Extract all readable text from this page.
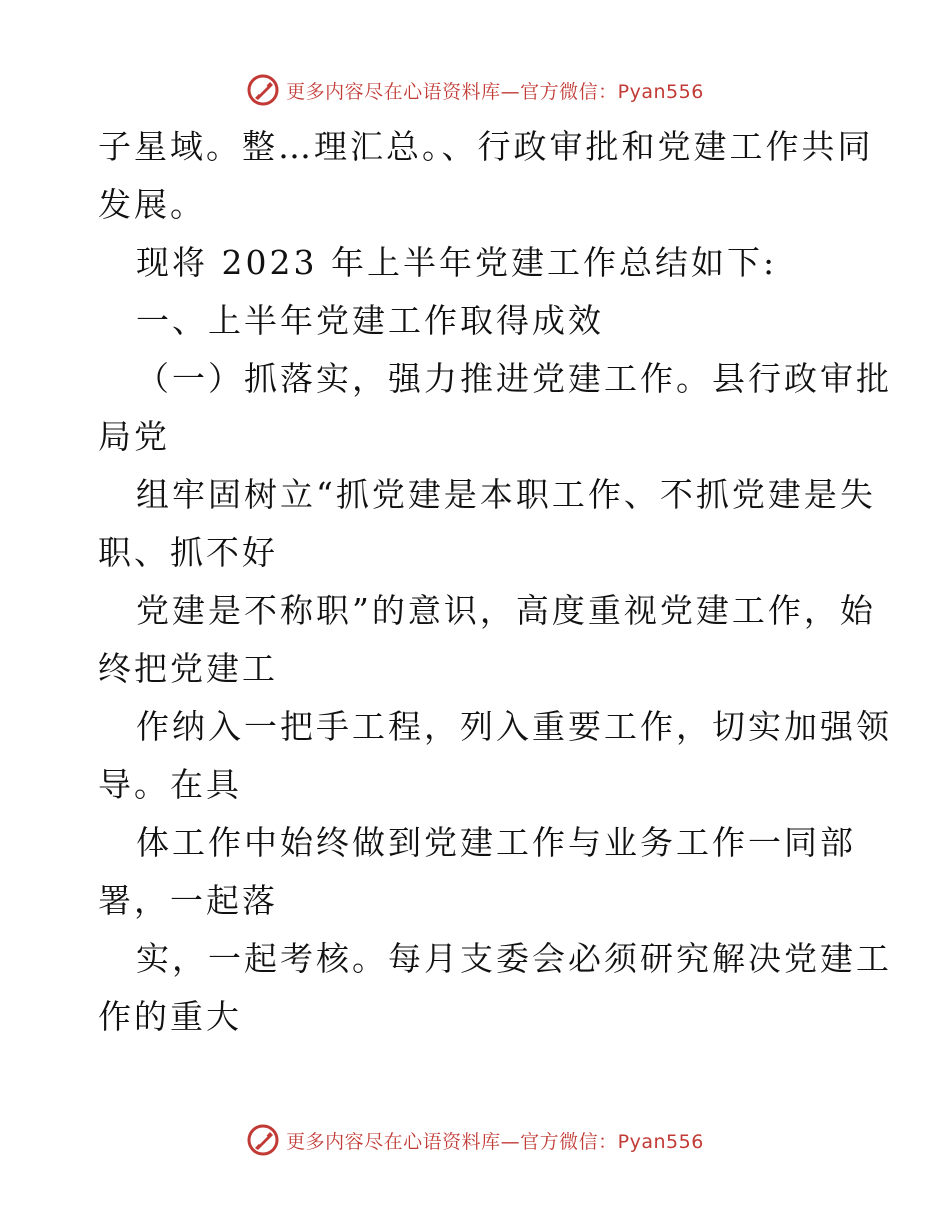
更多内容尽在心语资料库—官方微信：Pyan556
子星域。整…理汇总。、行政审批和党建工作共同
发展。
现将 2023 年上半年党建工作总结如下:
一、上半年党建工作取得成效
（一）抓落实，强力推进党建工作。县行政审批
局党
组牢固树立“抓党建是本职工作、不抓党建是失
职、抓不好
党建是不称职”的意识，高度重视党建工作，始
终把党建工
作纳入一把手工程，列入重要工作，切实加强领
导。在具
体工作中始终做到党建工作与业务工作一同部
署，一起落
实，一起考核。每月支委会必须研究解决党建工
作的重大
更多内容尽在心语资料库—官方微信：Pyan556
